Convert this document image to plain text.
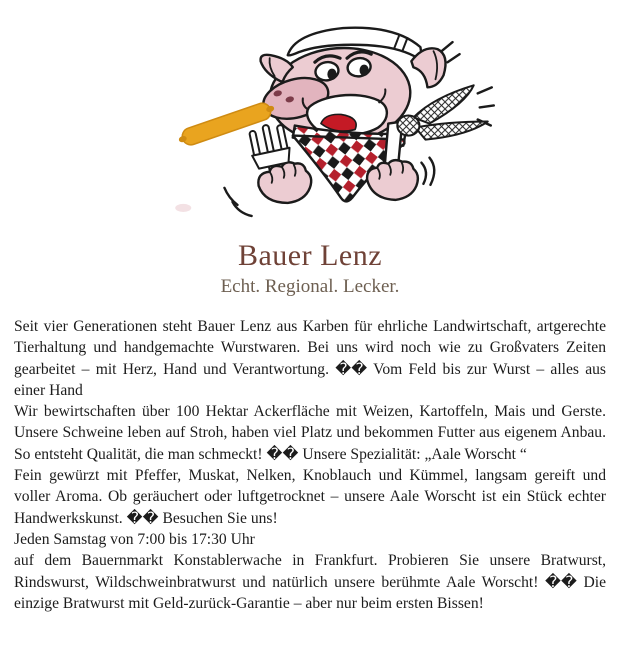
Bauer Lenz
Echt. Regional. Lecker.

Seit vier Generationen steht Bauer Lenz aus Karben für ehrliche Landwirtschaft, artgerechte Tierhaltung und handgemachte Wurstwaren. Bei uns wird noch wie zu Großvaters Zeiten gearbeitet – mit Herz, Hand und Verantwortung. �� Vom Feld bis zur Wurst – alles aus einer Hand

Wir bewirtschaften über 100 Hektar Ackerfläche mit Weizen, Kartoffeln, Mais und Gerste. Unsere Schweine leben auf Stroh, haben viel Platz und bekommen Futter aus eigenem Anbau. So entsteht Qualität, die man schmeckt! �� Unsere Spezialität: „Aale Worscht “

Fein gewürzt mit Pfeffer, Muskat, Nelken, Knoblauch und Kümmel, langsam gereift und voller Aroma. Ob geräuchert oder luftgetrocknet – unsere Aale Worscht ist ein Stück echter Handwerkskunst. �� Besuchen Sie uns!

Jeden Samstag von 7:00 bis 17:30 Uhr

auf dem Bauernmarkt Konstablerwache in Frankfurt. Probieren Sie unsere Bratwurst, Rindswurst, Wildschweinbratwurst und natürlich unsere berühmte Aale Worscht! �� Die einzige Bratwurst mit Geld-zurück-Garantie – aber nur beim ersten Bissen!
